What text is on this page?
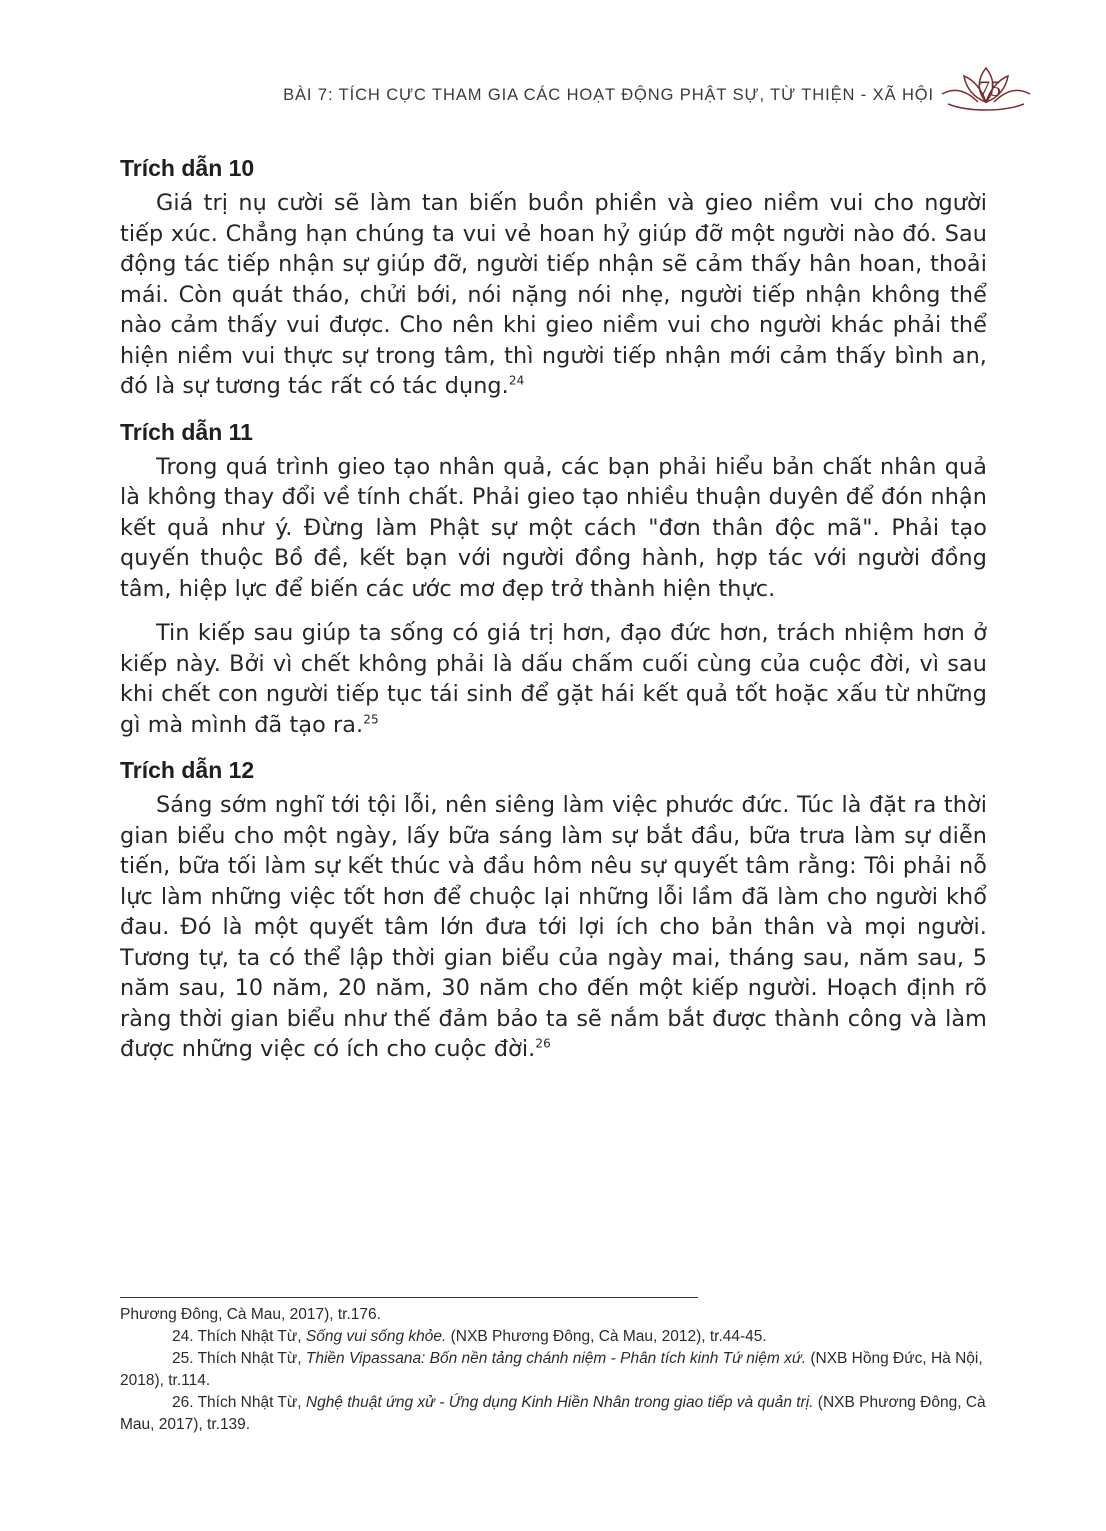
BÀI 7: TÍCH CỰC THAM GIA CÁC HOẠT ĐỘNG PHẬT SỰ, TỪ THIỆN - XÃ HỘI	75
Trích dẫn 10

Giá trị nụ cười sẽ làm tan biến buồn phiền và gieo niềm vui cho người tiếp xúc. Chẳng hạn chúng ta vui vẻ hoan hỷ giúp đỡ một người nào đó. Sau động tác tiếp nhận sự giúp đỡ, người tiếp nhận sẽ cảm thấy hân hoan, thoải mái. Còn quát tháo, chửi bới, nói nặng nói nhẹ, người tiếp nhận không thể nào cảm thấy vui được. Cho nên khi gieo niềm vui cho người khác phải thể hiện niềm vui thực sự trong tâm, thì người tiếp nhận mới cảm thấy bình an, đó là sự tương tác rất có tác dụng.$^{24}$

Trích dẫn 11

Trong quá trình gieo tạo nhân quả, các bạn phải hiểu bản chất nhân quả là không thay đổi về tính chất. Phải gieo tạo nhiều thuận duyên để đón nhận kết quả như ý. Đừng làm Phật sự một cách "đơn thân độc mã". Phải tạo quyến thuộc Bồ đề, kết bạn với người đồng hành, hợp tác với người đồng tâm, hiệp lực để biến các ước mơ đẹp trở thành hiện thực.

Tin kiếp sau giúp ta sống có giá trị hơn, đạo đức hơn, trách nhiệm hơn ở kiếp này. Bởi vì chết không phải là dấu chấm cuối cùng của cuộc đời, vì sau khi chết con người tiếp tục tái sinh để gặt hái kết quả tốt hoặc xấu từ những gì mà mình đã tạo ra.$^{25}$

Trích dẫn 12

Sáng sớm nghĩ tới tội lỗi, nên siêng làm việc phước đức. Túc là đặt ra thời gian biểu cho một ngày, lấy bữa sáng làm sự bắt đầu, bữa trưa làm sự diễn tiến, bữa tối làm sự kết thúc và đầu hôm nêu sự quyết tâm rằng: Tôi phải nỗ lực làm những việc tốt hơn để chuộc lại những lỗi lầm đã làm cho người khổ đau. Đó là một quyết tâm lớn đưa tới lợi ích cho bản thân và mọi người. Tương tự, ta có thể lập thời gian biểu của ngày mai, tháng sau, năm sau, 5 năm sau, 10 năm, 20 năm, 30 năm cho đến một kiếp người. Hoạch định rõ ràng thời gian biểu như thế đảm bảo ta sẽ nắm bắt được thành công và làm được những việc có ích cho cuộc đời.$^{26}$

Phương Đông, Cà Mau, 2017), tr.176.

24. Thích Nhật Từ, Sống vui sống khỏe. (NXB Phương Đông, Cà Mau, 2012), tr.44-45.

25. Thích Nhật Từ, Thiền Vipassana: Bốn nền tảng chánh niệm - Phân tích kinh Tứ niệm xứ. (NXB Hồng Đức, Hà Nội, 2018), tr.114.

26. Thích Nhật Từ, Nghệ thuật ứng xử - Ứng dụng Kinh Hiền Nhân trong giao tiếp và quản trị. (NXB Phương Đông, Cà Mau, 2017), tr.139.
